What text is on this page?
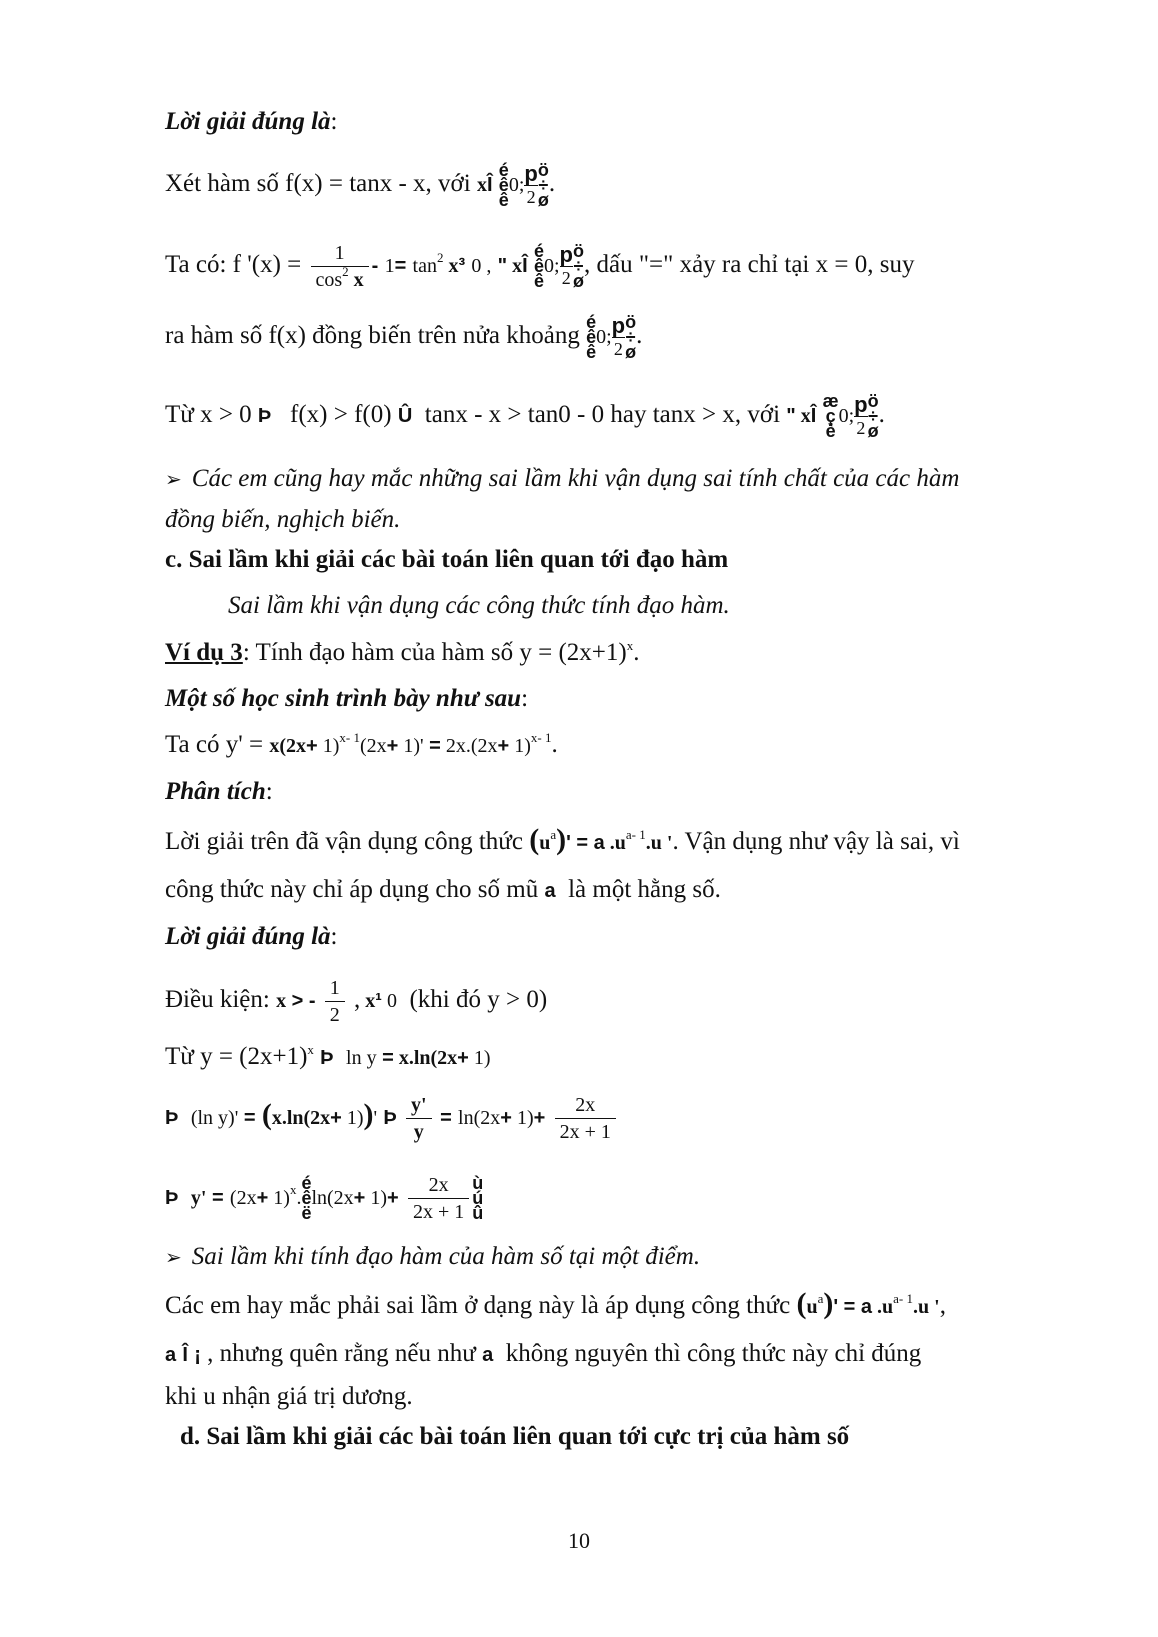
Lời giải đúng là:
Xét hàm số f(x) = tanx - x, với xÎ
é
ê
ê
0; p
2
ö
÷
ø
.
Ta có: f '$(x) = \frac{1}{\cos^2 x} - 1= \tan^2 x^3$ 0 , " xÎ
é
ê
ê
0; p
2
ö
÷
ø
, dấu "=" xảy ra chỉ tại x = 0, suy
ra hàm số f(x) đồng biến trên nửa khoảng
é
ê
ê
0; p
2
ö
÷
ø
.
Từ x > 0 Þ f(x) > f(0) Û tanx - x > tan0 - 0 hay tanx > x, với " xÎ
æ
ç
è
0; p
2
ö
÷
ø
.
➢ Các em cũng hay mắc những sai lầm khi vận dụng sai tính chất của các hàm
đồng biến, nghịch biến.
c. Sai lầm khi giải các bài toán liên quan tới đạo hàm
Sai lầm khi vận dụng các công thức tính đạo hàm.
Ví dụ 3: Tính đạo hàm của hàm số $y = (2x+1)^x$.
Một số học sinh trình bày như sau:
Ta có $y' = x(2x+ 1)^{x- 1}(2x+ 1)' = 2x.(2x+ 1)^{x- 1}$.
Phân tích:
Lời giải trên đã vận dụng công thức $(u^a)' = a$ $.u^{a- 1}.u$ '. Vận dụng như vậy là sai, vì
công thức này chỉ áp dụng cho số mũ a là một hằng số.
Lời giải đúng là:
Điều kiện: x > - $\frac{1}{2}$ , x¹ 0 (khi đó y > 0)
Từ $y = (2x+1)^x$ Þ ln y = x.ln(2x+ 1)
Þ (ln y)' = (x.ln(2x+ 1))' Þ $\frac{y'}{y} = \ln(2x+ 1)+ \frac{2x}{2x + 1}$
Þ $y' = (2x+ 1)^x$.
é
ê
ë
$\ln(2x+ 1)+ \frac{2x}{2x + 1}$ ù
ú
û
➢ Sai lầm khi tính đạo hàm của hàm số tại một điểm.
Các em hay mắc phải sai lầm ở dạng này là áp dụng công thức $(u^a)' = a$ $.u^{a- 1}.u$ ',
a Î ¡ , nhưng quên rằng nếu như a không nguyên thì công thức này chỉ đúng
khi u nhận giá trị dương.
d. Sai lầm khi giải các bài toán liên quan tới cực trị của hàm số
10
